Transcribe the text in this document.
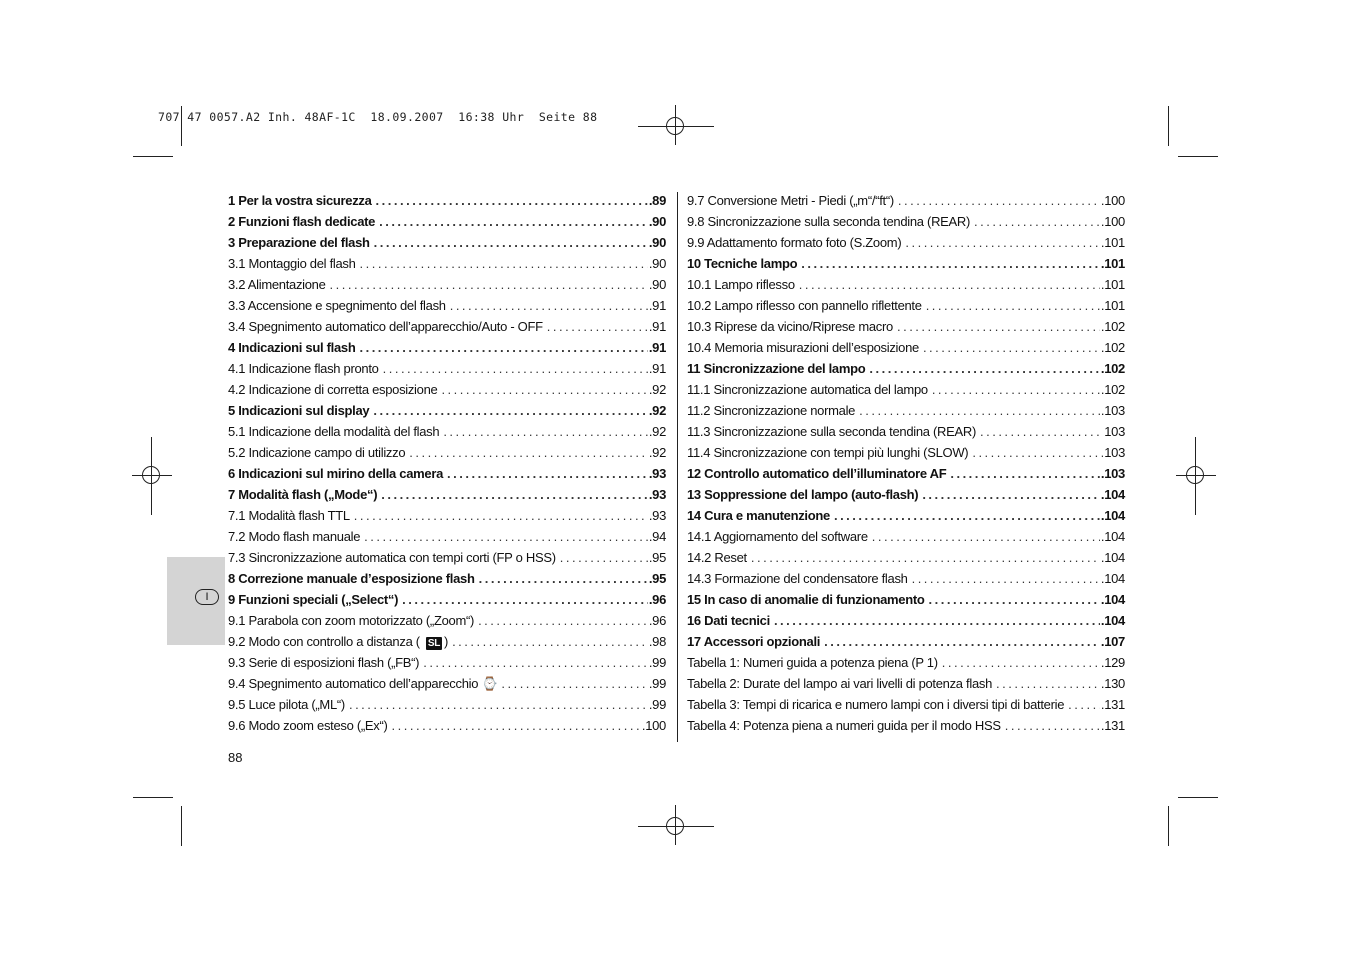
707 47 0057.A2 Inh. 48AF-1C  18.09.2007  16:38 Uhr  Seite 88
I
1 Per la vostra sicurezza .....	.89
2 Funzioni flash dedicate .....	.90
3 Preparazione del flash .....	.90
3.1 Montaggio del flash .....	.90
3.2 Alimentazione .....	.90
3.3 Accensione e spegnimento del flash .....	.91
3.4 Spegnimento automatico dell’apparecchio/Auto - OFF .....	.91
4 Indicazioni sul flash .....	.91
4.1 Indicazione flash pronto .....	.91
4.2 Indicazione di corretta esposizione .....	.92
5 Indicazioni sul display .....	.92
5.1 Indicazione della modalità del flash .....	.92
5.2 Indicazione campo di utilizzo .....	.92
6 Indicazioni sul mirino della camera .....	.93
7 Modalità flash („Mode“) .....	.93
7.1 Modalità flash TTL .....	.93
7.2 Modo flash manuale .....	.94
7.3 Sincronizzazione automatica con tempi corti (FP o HSS) .....	.95
8 Correzione manuale d’esposizione flash .....	.95
9 Funzioni speciali („Select“) .....	.96
9.1 Parabola con zoom motorizzato („Zoom“) .....	.96
9.2 Modo con controllo a distanza ( SL ) .....	.98
9.3 Serie di esposizioni flash („FB“) .....	.99
9.4 Spegnimento automatico dell’apparecchio ⌚ .....	.99
9.5 Luce pilota („ML“) .....	.99
9.6 Modo zoom esteso („Ex“) .....	.100
9.7 Conversione Metri - Piedi („m“/“ft“) .....	.100
9.8 Sincronizzazione sulla seconda tendina (REAR) .....	.100
9.9 Adattamento formato foto (S.Zoom) .....	.101
10 Tecniche lampo .....	.101
10.1 Lampo riflesso .....	.101
10.2 Lampo riflesso con pannello riflettente .....	.101
10.3 Riprese da vicino/Riprese macro .....	.102
10.4 Memoria misurazioni dell’esposizione .....	.102
11 Sincronizzazione del lampo .....	.102
11.1 Sincronizzazione automatica del lampo .....	.102
11.2 Sincronizzazione normale .....	.103
11.3 Sincronizzazione sulla seconda tendina (REAR) .....	103
11.4 Sincronizzazione con tempi più lunghi (SLOW) .....	103
12 Controllo automatico dell’illuminatore AF .....	.103
13 Soppressione del lampo (auto-flash) .....	.104
14 Cura e manutenzione .....	.104
14.1 Aggiornamento del software .....	.104
14.2 Reset .....	.104
14.3 Formazione del condensatore flash .....	.104
15 In caso di anomalie di funzionamento .....	.104
16 Dati tecnici .....	.104
17 Accessori opzionali .....	.107
Tabella 1: Numeri guida a potenza piena (P 1) .....	.129
Tabella 2: Durate del lampo ai vari livelli di potenza flash .....	.130
Tabella 3: Tempi di ricarica e numero lampi con i diversi tipi di batterie .....	.131
Tabella 4: Potenza piena a numeri guida per il modo HSS .....	.131
88
